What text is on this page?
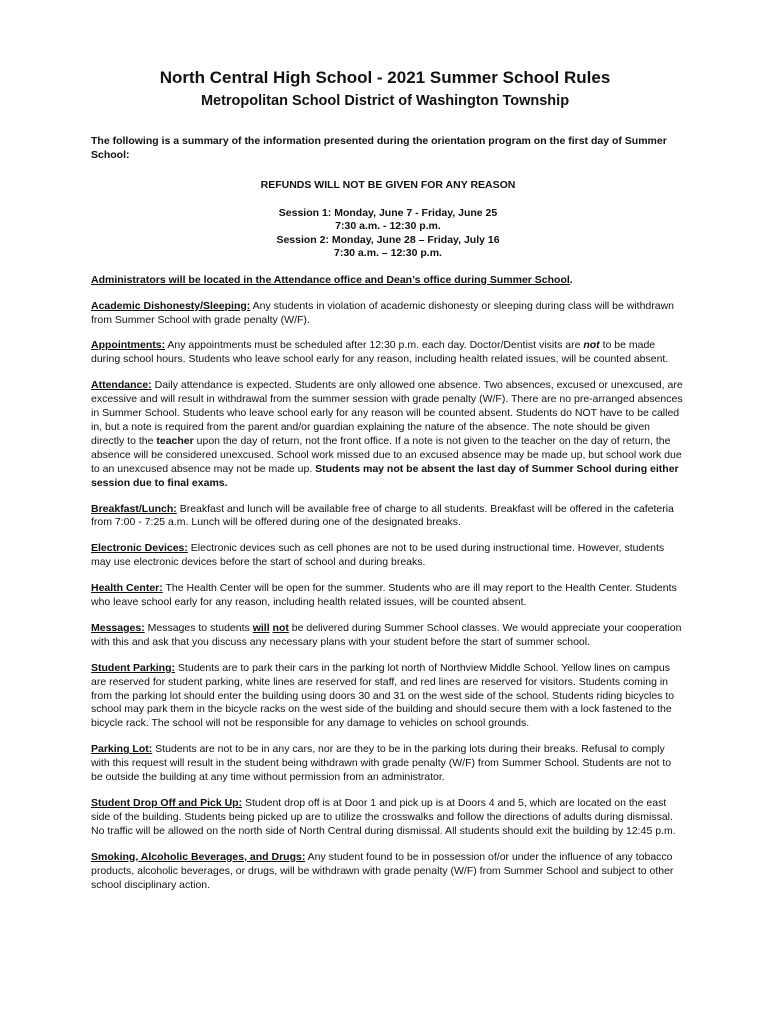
North Central High School - 2021 Summer School Rules
Metropolitan School District of Washington Township

The following is a summary of the information presented during the orientation program on the first day of Summer School:

REFUNDS WILL NOT BE GIVEN FOR ANY REASON

Session 1: Monday, June 7 - Friday, June 25
7:30 a.m. - 12:30 p.m.
Session 2: Monday, June 28 – Friday, July 16
7:30 a.m. – 12:30 p.m.

Administrators will be located in the Attendance office and Dean’s office during Summer School.

Academic Dishonesty/Sleeping: Any students in violation of academic dishonesty or sleeping during class will be withdrawn from Summer School with grade penalty (W/F).

Appointments: Any appointments must be scheduled after 12:30 p.m. each day. Doctor/Dentist visits are not to be made during school hours. Students who leave school early for any reason, including health related issues, will be counted absent.

Attendance: Daily attendance is expected. Students are only allowed one absence. Two absences, excused or unexcused, are excessive and will result in withdrawal from the summer session with grade penalty (W/F). There are no pre-arranged absences in Summer School. Students who leave school early for any reason will be counted absent. Students do NOT have to be called in, but a note is required from the parent and/or guardian explaining the nature of the absence. The note should be given directly to the teacher upon the day of return, not the front office. If a note is not given to the teacher on the day of return, the absence will be considered unexcused. School work missed due to an excused absence may be made up, but school work due to an unexcused absence may not be made up. Students may not be absent the last day of Summer School during either session due to final exams.

Breakfast/Lunch: Breakfast and lunch will be available free of charge to all students. Breakfast will be offered in the cafeteria from 7:00 - 7:25 a.m. Lunch will be offered during one of the designated breaks.

Electronic Devices: Electronic devices such as cell phones are not to be used during instructional time. However, students may use electronic devices before the start of school and during breaks.

Health Center: The Health Center will be open for the summer. Students who are ill may report to the Health Center. Students who leave school early for any reason, including health related issues, will be counted absent.

Messages: Messages to students will not be delivered during Summer School classes. We would appreciate your cooperation with this and ask that you discuss any necessary plans with your student before the start of summer school.

Student Parking: Students are to park their cars in the parking lot north of Northview Middle School. Yellow lines on campus are reserved for student parking, white lines are reserved for staff, and red lines are reserved for visitors. Students coming in from the parking lot should enter the building using doors 30 and 31 on the west side of the school. Students riding bicycles to school may park them in the bicycle racks on the west side of the building and should secure them with a lock fastened to the bicycle rack. The school will not be responsible for any damage to vehicles on school grounds.

Parking Lot: Students are not to be in any cars, nor are they to be in the parking lots during their breaks. Refusal to comply with this request will result in the student being withdrawn with grade penalty (W/F) from Summer School. Students are not to be outside the building at any time without permission from an administrator.

Student Drop Off and Pick Up: Student drop off is at Door 1 and pick up is at Doors 4 and 5, which are located on the east side of the building. Students being picked up are to utilize the crosswalks and follow the directions of adults during dismissal. No traffic will be allowed on the north side of North Central during dismissal. All students should exit the building by 12:45 p.m.

Smoking, Alcoholic Beverages, and Drugs: Any student found to be in possession of/or under the influence of any tobacco products, alcoholic beverages, or drugs, will be withdrawn with grade penalty (W/F) from Summer School and subject to other school disciplinary action.
